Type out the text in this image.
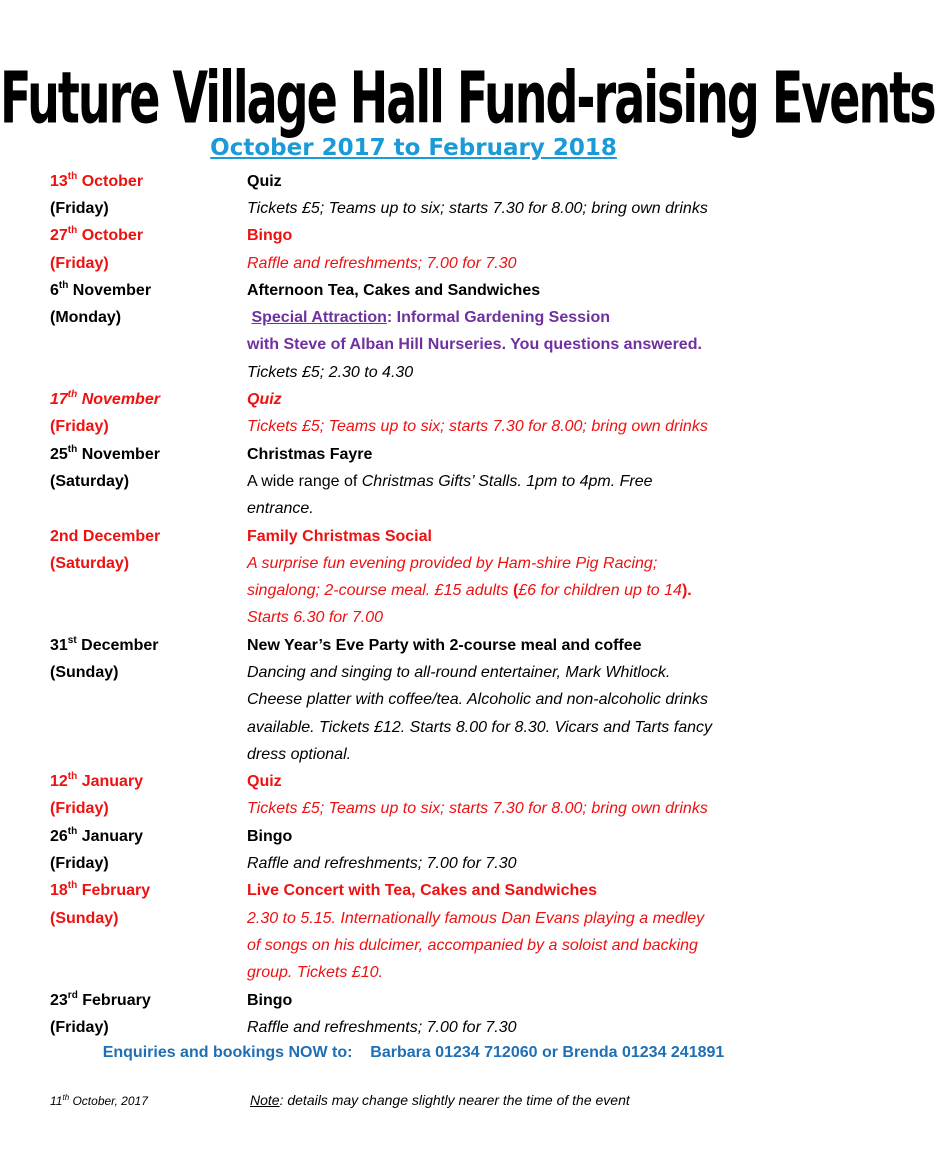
Future Village Hall Fund-raising Events
October 2017 to February 2018
13th October	Quiz
(Friday)	Tickets £5; Teams up to six; starts 7.30 for 8.00; bring own drinks
27th October	Bingo
(Friday)	Raffle and refreshments; 7.00 for 7.30
6th November	Afternoon Tea, Cakes and Sandwiches
(Monday)	Special Attraction: Informal Gardening Session
with Steve of Alban Hill Nurseries. You questions answered.
Tickets £5; 2.30 to 4.30
17th November	Quiz
(Friday)	Tickets £5; Teams up to six; starts 7.30 for 8.00; bring own drinks
25th November	Christmas Fayre
(Saturday)	A wide range of Christmas Gifts’ Stalls. 1pm to 4pm. Free
entrance.
2nd December	Family Christmas Social
(Saturday)	A surprise fun evening provided by Ham-shire Pig Racing;
singalong; 2-course meal. £15 adults (£6 for children up to 14).
Starts 6.30 for 7.00
31st December	New Year’s Eve Party with 2-course meal and coffee
(Sunday)	Dancing and singing to all-round entertainer, Mark Whitlock.
Cheese platter with coffee/tea. Alcoholic and non-alcoholic drinks
available. Tickets £12. Starts 8.00 for 8.30. Vicars and Tarts fancy
dress optional.
12th January	Quiz
(Friday)	Tickets £5; Teams up to six; starts 7.30 for 8.00; bring own drinks
26th January	Bingo
(Friday)	Raffle and refreshments; 7.00 for 7.30
18th February	Live Concert with Tea, Cakes and Sandwiches
(Sunday)	2.30 to 5.15. Internationally famous Dan Evans playing a medley
of songs on his dulcimer, accompanied by a soloist and backing
group. Tickets £10.
23rd February	Bingo
(Friday)	Raffle and refreshments; 7.00 for 7.30
Enquiries and bookings NOW to:    Barbara 01234 712060 or Brenda 01234 241891
11th October, 2017	Note: details may change slightly nearer the time of the event
